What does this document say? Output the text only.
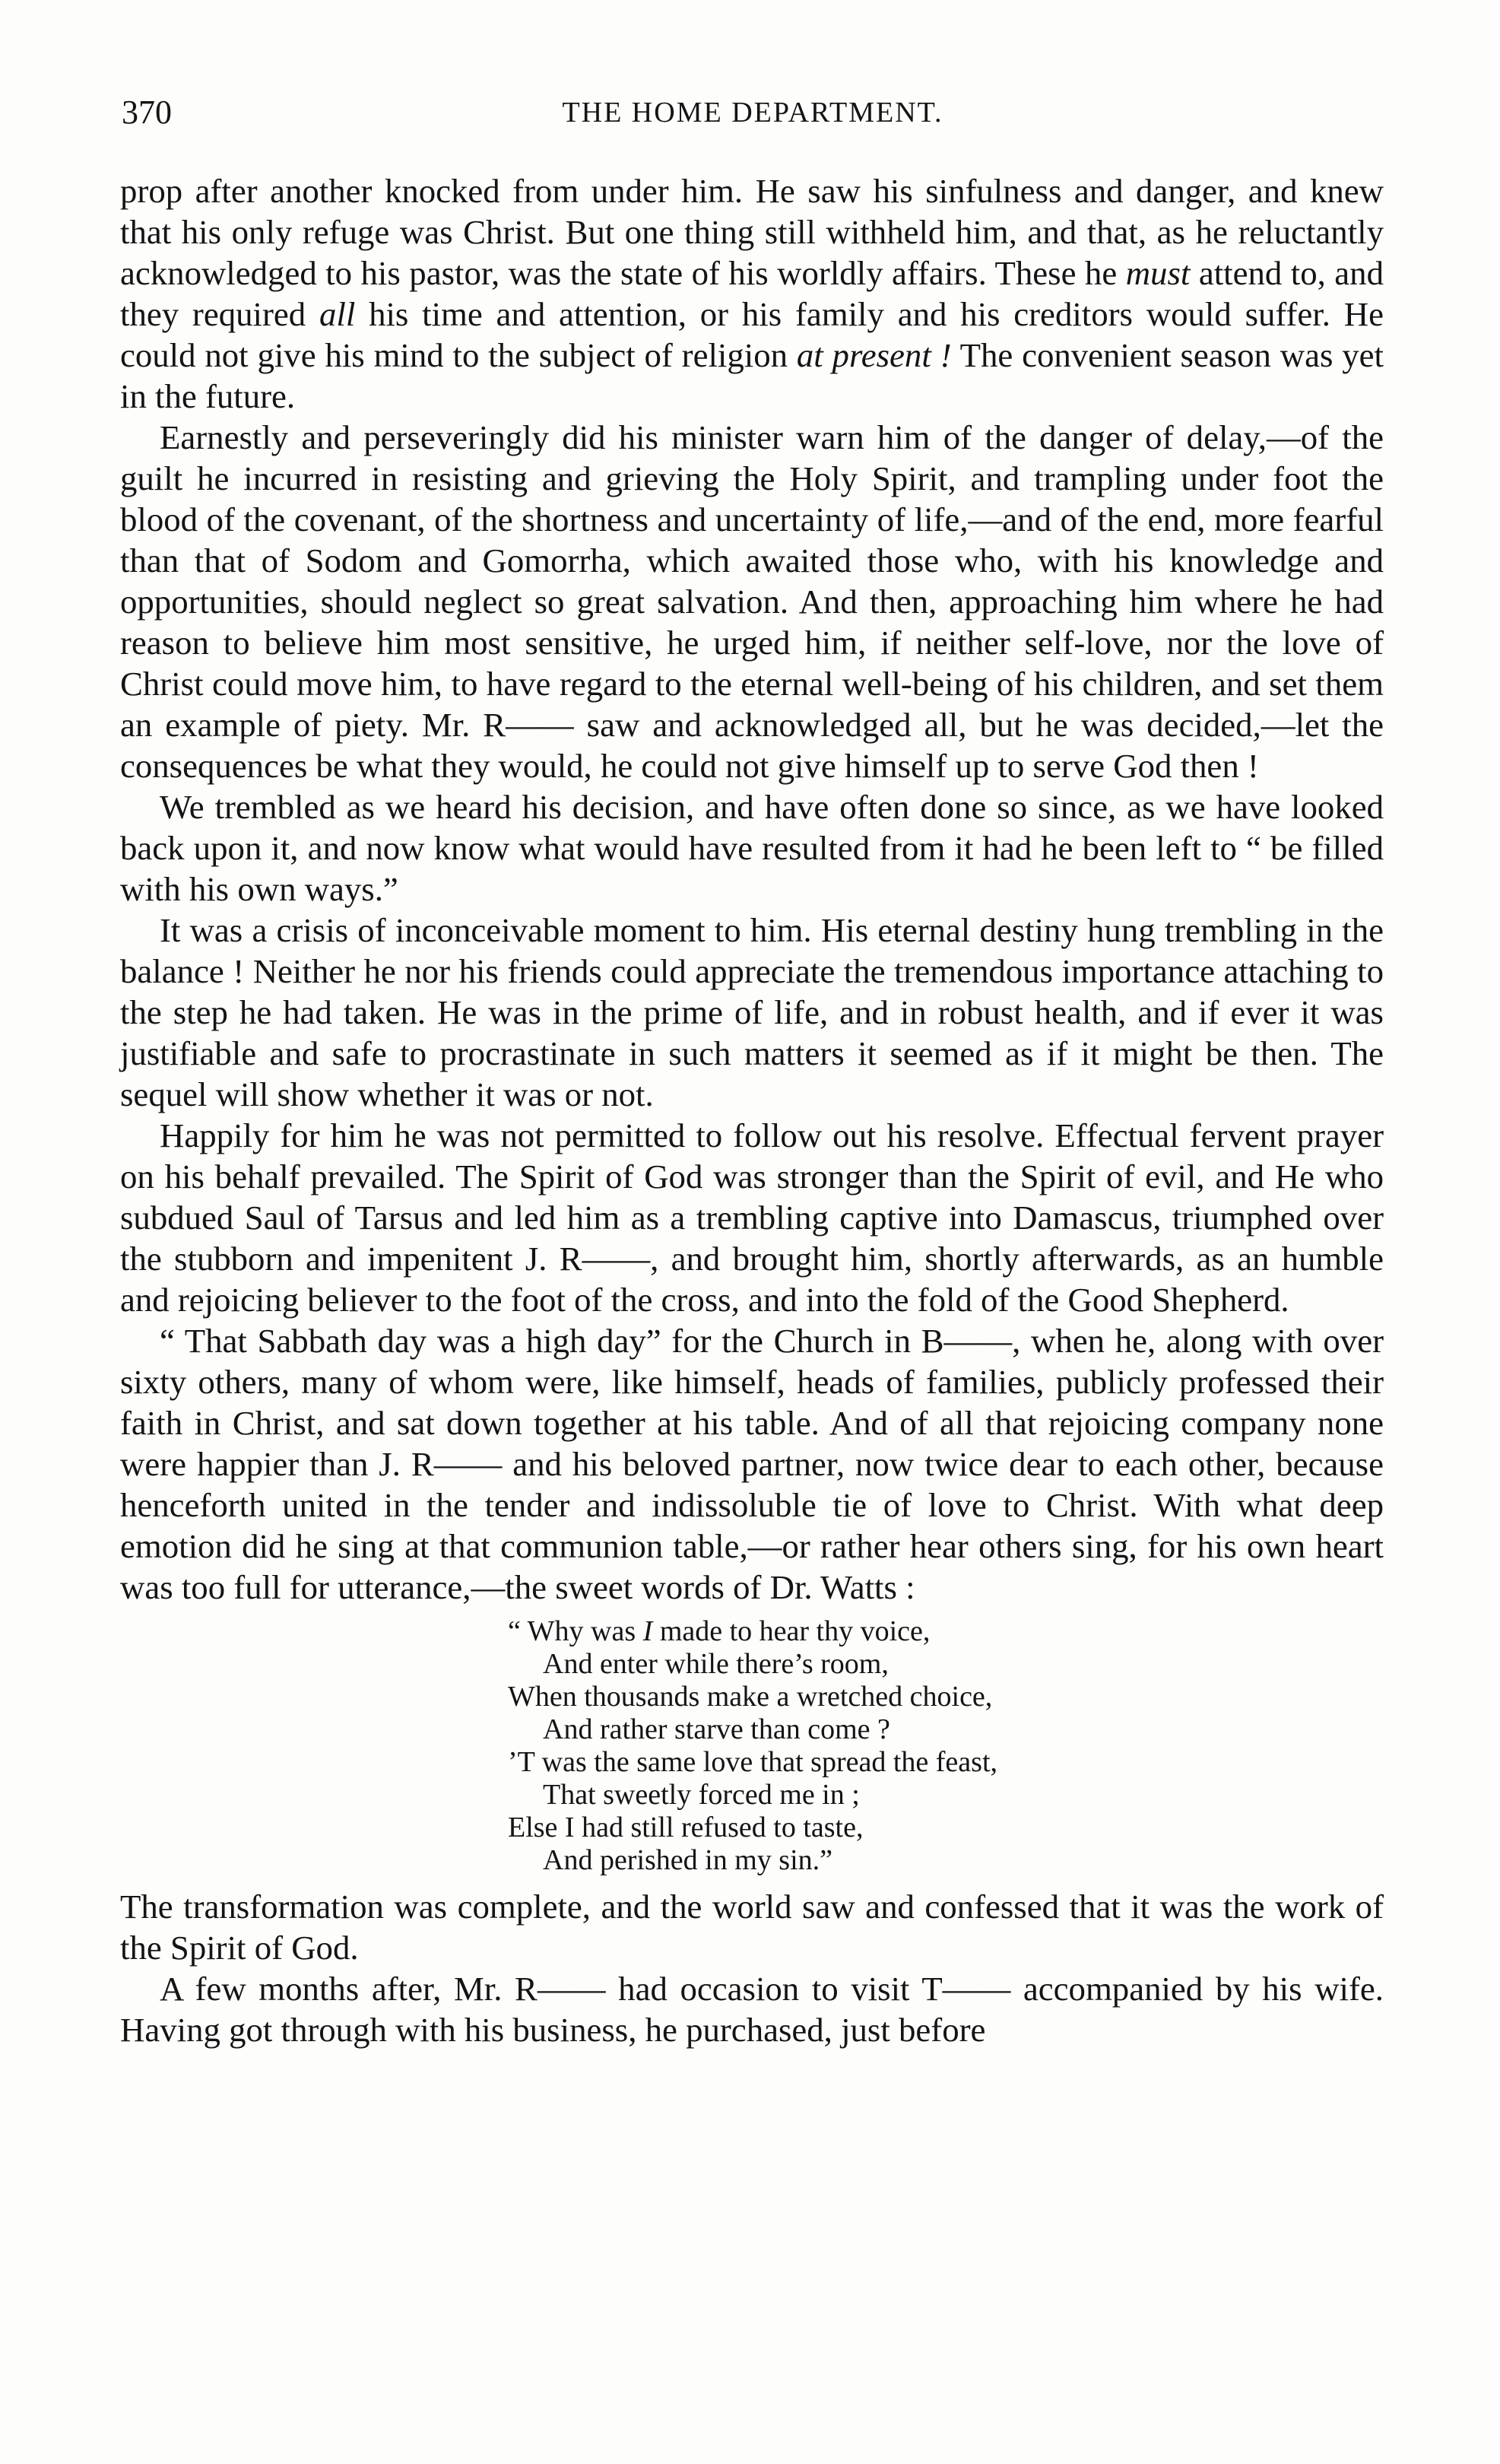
370	THE HOME DEPARTMENT.

prop after another knocked from under him. He saw his sinfulness and danger, and knew that his only refuge was Christ. But one thing still withheld him, and that, as he reluctantly acknowledged to his pastor, was the state of his worldly affairs. These he must attend to, and they required all his time and attention, or his family and his creditors would suffer. He could not give his mind to the subject of religion at present ! The convenient season was yet in the future.

Earnestly and perseveringly did his minister warn him of the danger of delay,—of the guilt he incurred in resisting and grieving the Holy Spirit, and trampling under foot the blood of the covenant, of the shortness and uncertainty of life,—and of the end, more fearful than that of Sodom and Gomorrha, which awaited those who, with his knowledge and opportunities, should neglect so great salvation. And then, approaching him where he had reason to believe him most sensitive, he urged him, if neither self-love, nor the love of Christ could move him, to have regard to the eternal well-being of his children, and set them an example of piety. Mr. R—— saw and acknowledged all, but he was decided,—let the consequences be what they would, he could not give himself up to serve God then !

We trembled as we heard his decision, and have often done so since, as we have looked back upon it, and now know what would have resulted from it had he been left to “ be filled with his own ways.”

It was a crisis of inconceivable moment to him. His eternal destiny hung trembling in the balance ! Neither he nor his friends could appreciate the tremendous importance attaching to the step he had taken. He was in the prime of life, and in robust health, and if ever it was justifiable and safe to procrastinate in such matters it seemed as if it might be then. The sequel will show whether it was or not.

Happily for him he was not permitted to follow out his resolve. Effectual fervent prayer on his behalf prevailed. The Spirit of God was stronger than the Spirit of evil, and He who subdued Saul of Tarsus and led him as a trembling captive into Damascus, triumphed over the stubborn and impenitent J. R——, and brought him, shortly afterwards, as an humble and rejoicing believer to the foot of the cross, and into the fold of the Good Shepherd.

“ That Sabbath day was a high day” for the Church in B——, when he, along with over sixty others, many of whom were, like himself, heads of families, publicly professed their faith in Christ, and sat down together at his table. And of all that rejoicing company none were happier than J. R—— and his beloved partner, now twice dear to each other, because henceforth united in the tender and indissoluble tie of love to Christ. With what deep emotion did he sing at that communion table,—or rather hear others sing, for his own heart was too full for utterance,—the sweet words of Dr. Watts :

“ Why was I made to hear thy voice,
And enter while there’s room,
When thousands make a wretched choice,
And rather starve than come ?
’T was the same love that spread the feast,
That sweetly forced me in ;
Else I had still refused to taste,
And perished in my sin.”

The transformation was complete, and the world saw and confessed that it was the work of the Spirit of God.

A few months after, Mr. R—— had occasion to visit T—— accompanied by his wife. Having got through with his business, he purchased, just before
